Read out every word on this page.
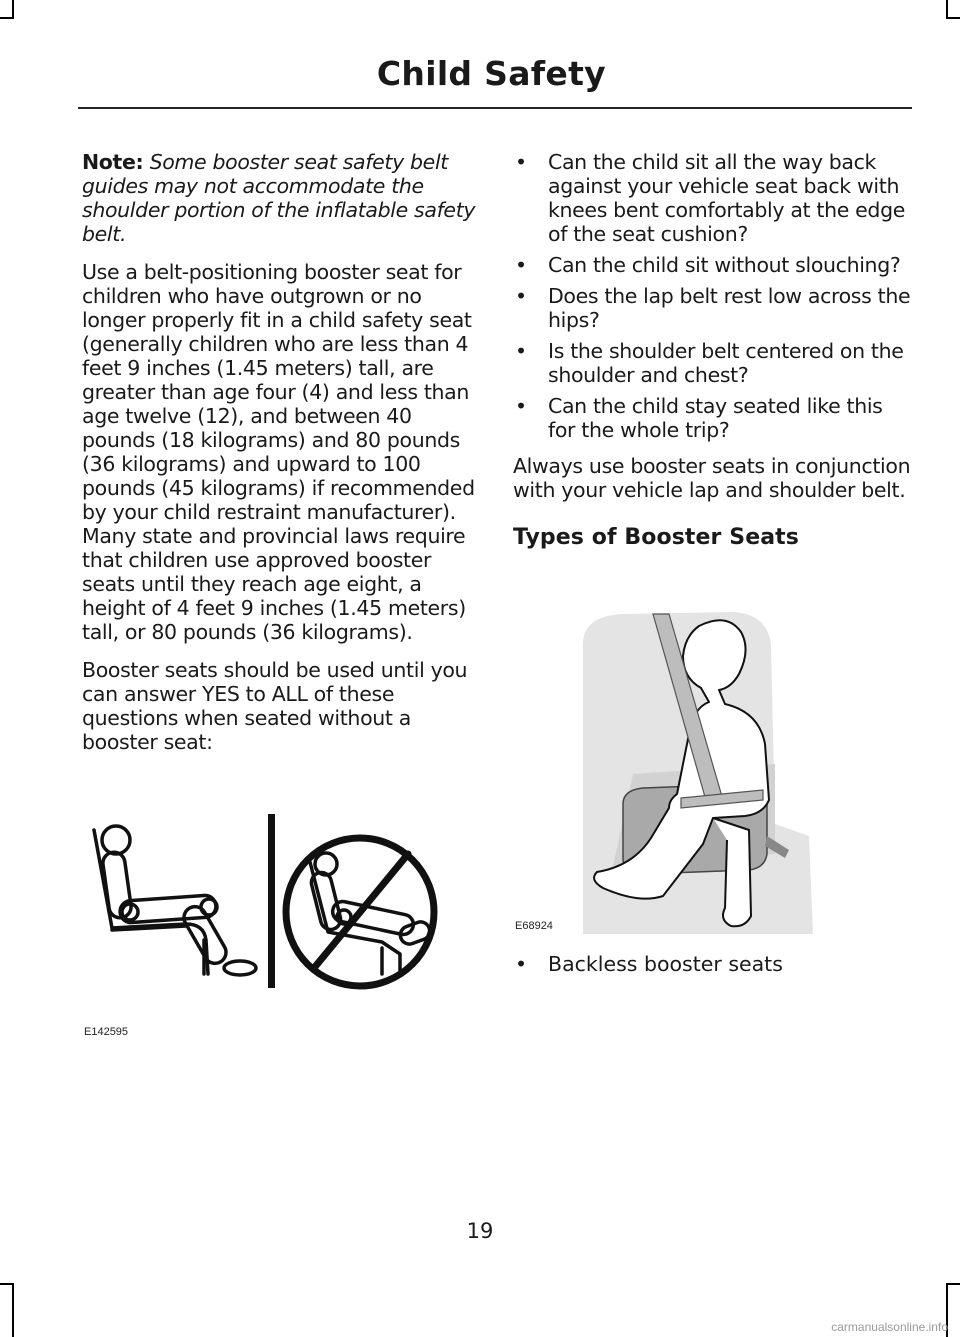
Child Safety

Note: Some booster seat safety belt guides may not accommodate the shoulder portion of the inflatable safety belt.

Use a belt-positioning booster seat for children who have outgrown or no longer properly fit in a child safety seat (generally children who are less than 4 feet 9 inches (1.45 meters) tall, are greater than age four (4) and less than age twelve (12), and between 40 pounds (18 kilograms) and 80 pounds (36 kilograms) and upward to 100 pounds (45 kilograms) if recommended by your child restraint manufacturer). Many state and provincial laws require that children use approved booster seats until they reach age eight, a height of 4 feet 9 inches (1.45 meters) tall, or 80 pounds (36 kilograms).

Booster seats should be used until you can answer YES to ALL of these questions when seated without a booster seat:

E142595
• Can the child sit all the way back against your vehicle seat back with knees bent comfortably at the edge of the seat cushion?
• Can the child sit without slouching?
• Does the lap belt rest low across the hips?
• Is the shoulder belt centered on the shoulder and chest?
• Can the child stay seated like this for the whole trip?

Always use booster seats in conjunction with your vehicle lap and shoulder belt.

Types of Booster Seats
E68924
• Backless booster seats
19
carmanualsonline.info
